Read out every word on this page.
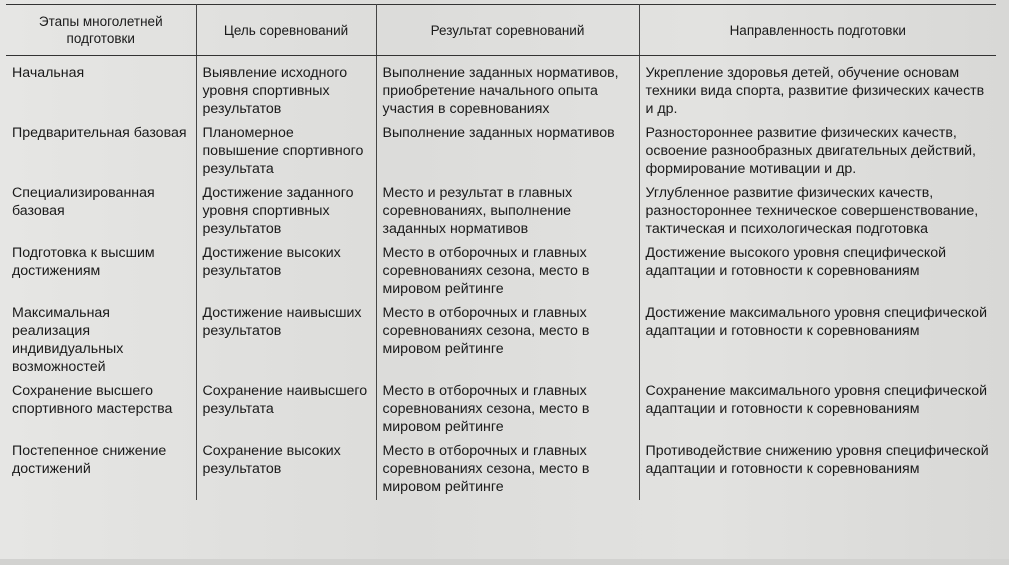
Этапы многолетней подготовки	Цель соревнований	Результат соревнований	Направленность подготовки
Начальная	Выявление исходного уровня спортивных результатов	Выполнение заданных нормативов, приобретение начального опыта участия в соревнованиях	Укрепление здоровья детей, обучение основам техники вида спорта, развитие физических качеств и др.
Предварительная базовая	Планомерное повышение спортивного результата	Выполнение заданных нормативов	Разностороннее развитие физических качеств, освоение разнообразных двигательных действий, формирование мотивации и др.
Специализированная базовая	Достижение заданного уровня спортивных результатов	Место и результат в главных соревнованиях, выполнение заданных нормативов	Углубленное развитие физических качеств, разностороннее техническое совершенствование, тактическая и психологическая подготовка
Подготовка к высшим достижениям	Достижение высоких результатов	Место в отборочных и главных соревнованиях сезона, место в мировом рейтинге	Достижение высокого уровня специфической адаптации и готовности к соревнованиям
Максимальная реализация индивидуальных возможностей	Достижение наивысших результатов	Место в отборочных и главных соревнованиях сезона, место в мировом рейтинге	Достижение максимального уровня специфической адаптации и готовности к соревнованиям
Сохранение высшего спортивного мастерства	Сохранение наивысшего результата	Место в отборочных и главных соревнованиях сезона, место в мировом рейтинге	Сохранение максимального уровня специфической адаптации и готовности к соревнованиям
Постепенное снижение достижений	Сохранение высоких результатов	Место в отборочных и главных соревнованиях сезона, место в мировом рейтинге	Противодействие снижению уровня специфической адаптации и готовности к соревнованиям
